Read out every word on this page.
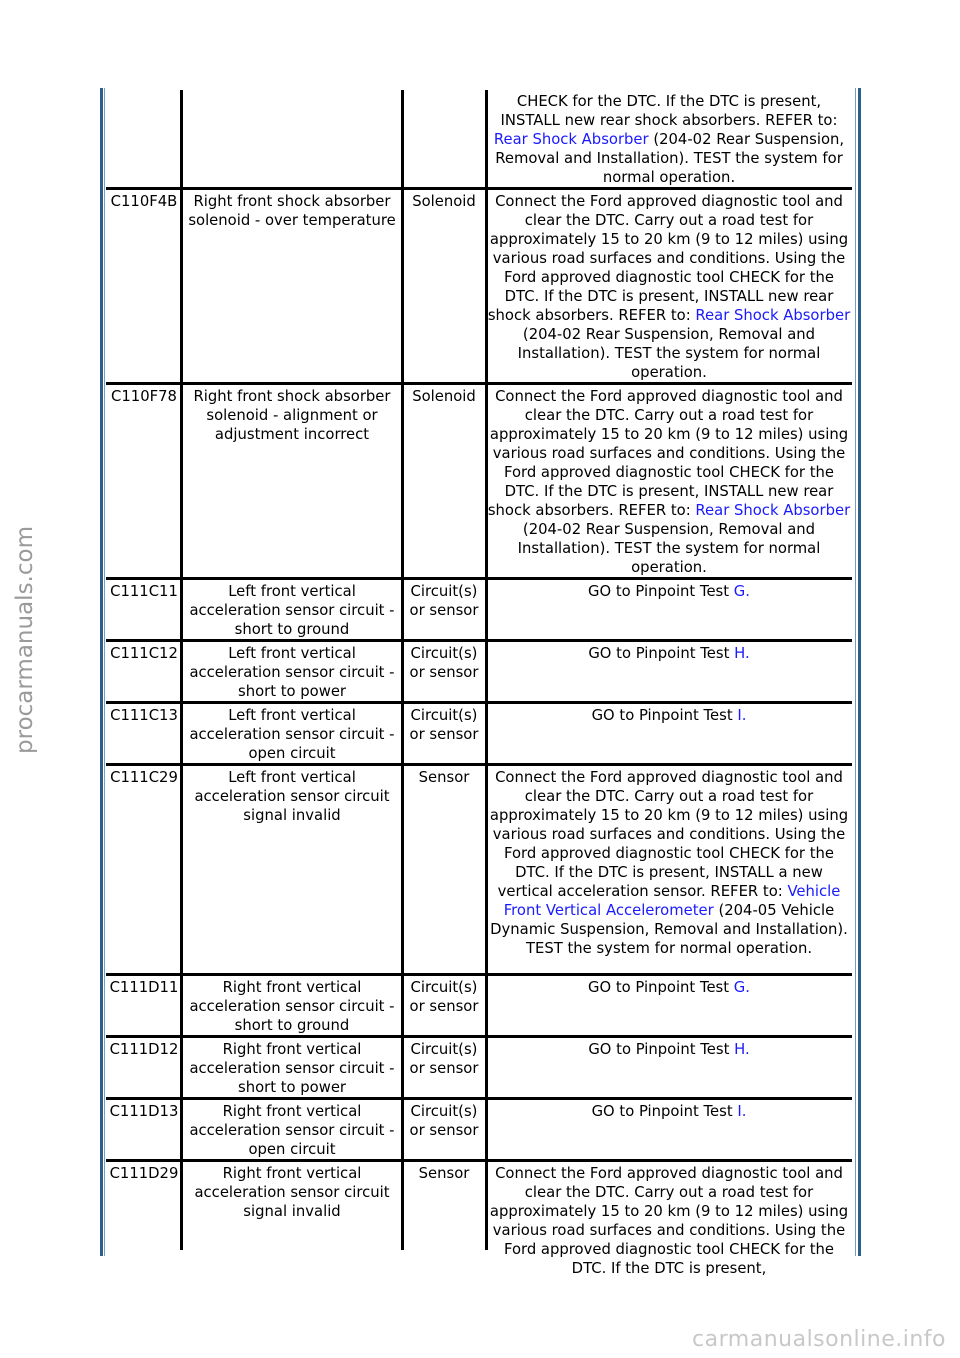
procarmanuals.com
			CHECK for the DTC. If the DTC is present, INSTALL new rear shock absorbers. REFER to: Rear Shock Absorber (204-02 Rear Suspension, Removal and Installation). TEST the system for normal operation.
C110F4B	Right front shock absorber solenoid - over temperature	Solenoid	Connect the Ford approved diagnostic tool and clear the DTC. Carry out a road test for approximately 15 to 20 km (9 to 12 miles) using various road surfaces and conditions. Using the Ford approved diagnostic tool CHECK for the DTC. If the DTC is present, INSTALL new rear shock absorbers. REFER to: Rear Shock Absorber (204-02 Rear Suspension, Removal and Installation). TEST the system for normal operation.
C110F78	Right front shock absorber solenoid - alignment or adjustment incorrect	Solenoid	Connect the Ford approved diagnostic tool and clear the DTC. Carry out a road test for approximately 15 to 20 km (9 to 12 miles) using various road surfaces and conditions. Using the Ford approved diagnostic tool CHECK for the DTC. If the DTC is present, INSTALL new rear shock absorbers. REFER to: Rear Shock Absorber (204-02 Rear Suspension, Removal and Installation). TEST the system for normal operation.
C111C11	Left front vertical acceleration sensor circuit - short to ground	Circuit(s) or sensor	GO to Pinpoint Test G.
C111C12	Left front vertical acceleration sensor circuit - short to power	Circuit(s) or sensor	GO to Pinpoint Test H.
C111C13	Left front vertical acceleration sensor circuit - open circuit	Circuit(s) or sensor	GO to Pinpoint Test I.
C111C29	Left front vertical acceleration sensor circuit signal invalid	Sensor	Connect the Ford approved diagnostic tool and clear the DTC. Carry out a road test for approximately 15 to 20 km (9 to 12 miles) using various road surfaces and conditions. Using the Ford approved diagnostic tool CHECK for the DTC. If the DTC is present, INSTALL a new vertical acceleration sensor. REFER to: Vehicle Front Vertical Accelerometer (204-05 Vehicle Dynamic Suspension, Removal and Installation). TEST the system for normal operation.
C111D11	Right front vertical acceleration sensor circuit - short to ground	Circuit(s) or sensor	GO to Pinpoint Test G.
C111D12	Right front vertical acceleration sensor circuit - short to power	Circuit(s) or sensor	GO to Pinpoint Test H.
C111D13	Right front vertical acceleration sensor circuit - open circuit	Circuit(s) or sensor	GO to Pinpoint Test I.
C111D29	Right front vertical acceleration sensor circuit signal invalid	Sensor	Connect the Ford approved diagnostic tool and clear the DTC. Carry out a road test for approximately 15 to 20 km (9 to 12 miles) using various road surfaces and conditions. Using the Ford approved diagnostic tool CHECK for the DTC. If the DTC is present,
carmanualsonline.info
